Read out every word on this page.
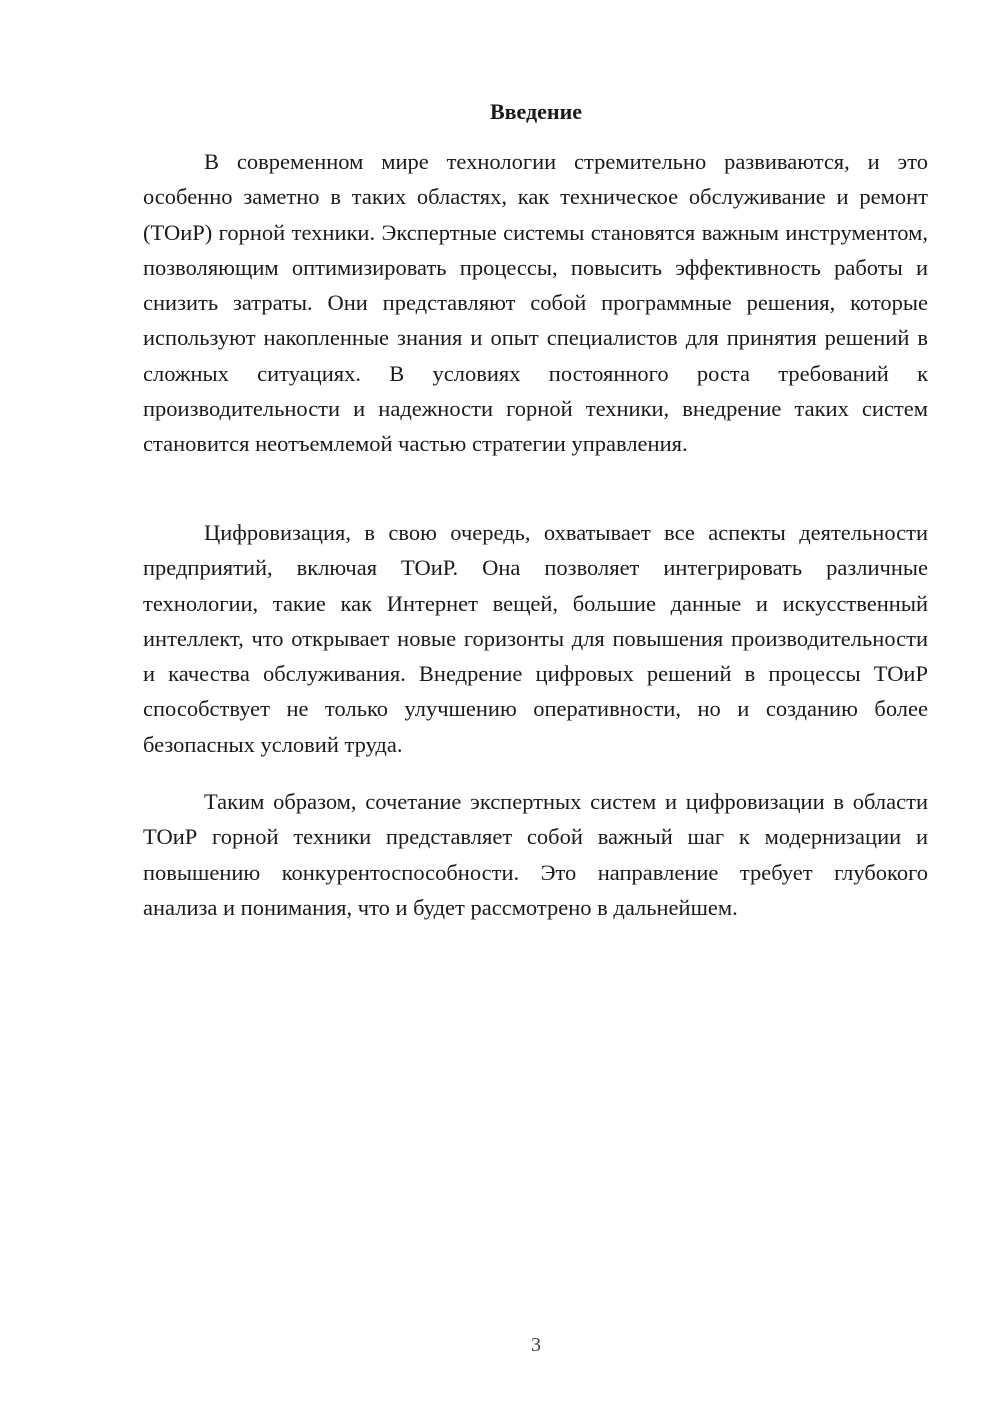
Введение

В современном мире технологии стремительно развиваются, и это особенно заметно в таких областях, как техническое обслуживание и ремонт (ТОиР) горной техники. Экспертные системы становятся важным инструментом, позволяющим оптимизировать процессы, повысить эффективность работы и снизить затраты. Они представляют собой программные решения, которые используют накопленные знания и опыт специалистов для принятия решений в сложных ситуациях. В условиях постоянного роста требований к производительности и надежности горной техники, внедрение таких систем становится неотъемлемой частью стратегии управления.

Цифровизация, в свою очередь, охватывает все аспекты деятельности предприятий, включая ТОиР. Она позволяет интегрировать различные технологии, такие как Интернет вещей, большие данные и искусственный интеллект, что открывает новые горизонты для повышения производительности и качества обслуживания. Внедрение цифровых решений в процессы ТОиР способствует не только улучшению оперативности, но и созданию более безопасных условий труда.

Таким образом, сочетание экспертных систем и цифровизации в области ТОиР горной техники представляет собой важный шаг к модернизации и повышению конкурентоспособности. Это направление требует глубокого анализа и понимания, что и будет рассмотрено в дальнейшем.

3
